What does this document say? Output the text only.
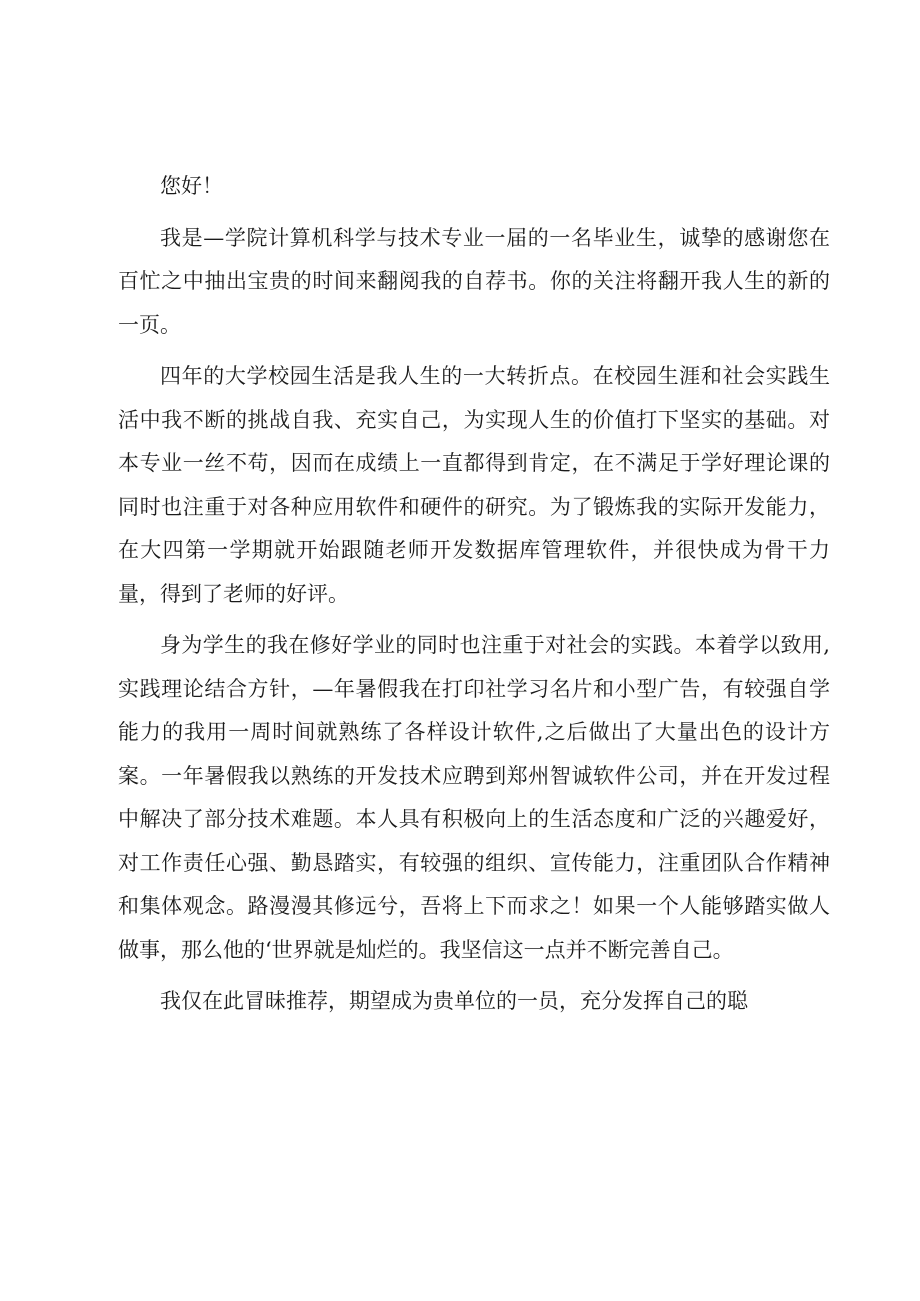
您好！

我是—学院计算机科学与技术专业一届的一名毕业生，诚挚的感谢您在百忙之中抽出宝贵的时间来翻阅我的自荐书。你的关注将翻开我人生的新的一页。

四年的大学校园生活是我人生的一大转折点。在校园生涯和社会实践生活中我不断的挑战自我、充实自己，为实现人生的价值打下坚实的基础。对本专业一丝不苟，因而在成绩上一直都得到肯定，在不满足于学好理论课的同时也注重于对各种应用软件和硬件的研究。为了锻炼我的实际开发能力，在大四第一学期就开始跟随老师开发数据库管理软件，并很快成为骨干力量，得到了老师的好评。

身为学生的我在修好学业的同时也注重于对社会的实践。本着学以致用,实践理论结合方针，—年暑假我在打印社学习名片和小型广告，有较强自学能力的我用一周时间就熟练了各样设计软件,之后做出了大量出色的设计方案。一年暑假我以熟练的开发技术应聘到郑州智诚软件公司，并在开发过程中解决了部分技术难题。本人具有积极向上的生活态度和广泛的兴趣爱好，对工作责任心强、勤恳踏实，有较强的组织、宣传能力，注重团队合作精神和集体观念。路漫漫其修远兮，吾将上下而求之！如果一个人能够踏实做人做事，那么他的‘世界就是灿烂的。我坚信这一点并不断完善自己。

我仅在此冒昧推荐，期望成为贵单位的一员，充分发挥自己的聪
